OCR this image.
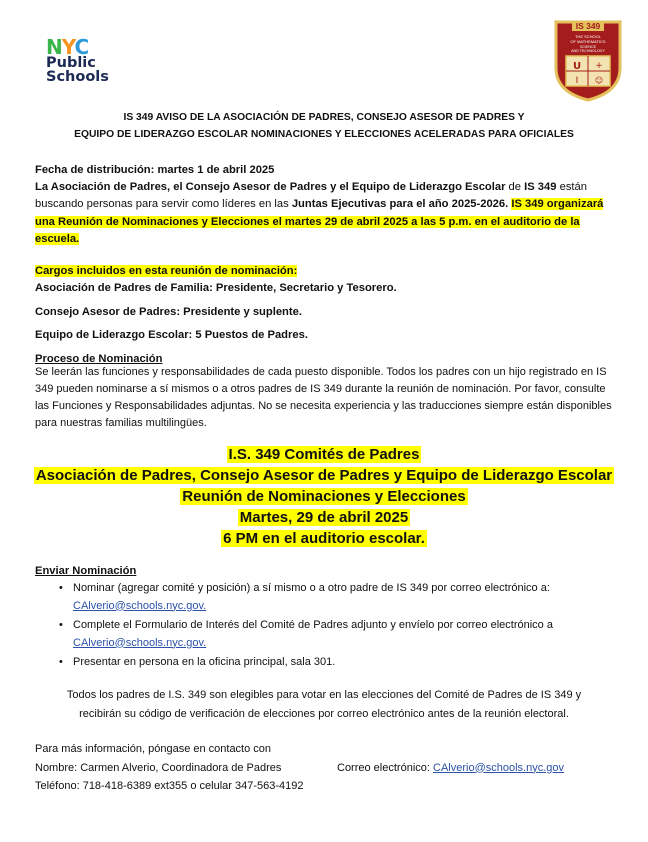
NYC
Public
Schools
IS 349
THE SCHOOL
OF MATHEMATICS
SCIENCE
AND TECHNOLOGY
U +
I ☺
IS 349 AVISO DE LA ASOCIACIÓN DE PADRES, CONSEJO ASESOR DE PADRES Y
EQUIPO DE LIDERAZGO ESCOLAR NOMINACIONES Y ELECCIONES ACELERADAS PARA OFICIALES
Fecha de distribución: martes 1 de abril 2025
La Asociación de Padres, el Consejo Asesor de Padres y el Equipo de Liderazgo Escolar de IS 349 están buscando personas para servir como líderes en las Juntas Ejecutivas para el año 2025-2026. IS 349 organizará una Reunión de Nominaciones y Elecciones el martes 29 de abril 2025 a las 5 p.m. en el auditorio de la escuela.
Cargos incluidos en esta reunión de nominación:
Asociación de Padres de Familia: Presidente, Secretario y Tesorero.
Consejo Asesor de Padres: Presidente y suplente.
Equipo de Liderazgo Escolar: 5 Puestos de Padres.
Proceso de Nominación
Se leerán las funciones y responsabilidades de cada puesto disponible. Todos los padres con un hijo registrado en IS 349 pueden nominarse a sí mismos o a otros padres de IS 349 durante la reunión de nominación. Por favor, consulte las Funciones y Responsabilidades adjuntas. No se necesita experiencia y las traducciones siempre están disponibles para nuestras familias multilingües.
I.S. 349 Comités de Padres
Asociación de Padres, Consejo Asesor de Padres y Equipo de Liderazgo Escolar
Reunión de Nominaciones y Elecciones
Martes, 29 de abril 2025
6 PM en el auditorio escolar.
Enviar Nominación
• Nominar (agregar comité y posición) a sí mismo o a otro padre de IS 349 por correo electrónico a:
CAlverio@schools.nyc.gov.
• Complete el Formulario de Interés del Comité de Padres adjunto y envíelo por correo electrónico a
CAlverio@schools.nyc.gov.
• Presentar en persona en la oficina principal, sala 301.
Todos los padres de I.S. 349 son elegibles para votar en las elecciones del Comité de Padres de IS 349 y
recibirán su código de verificación de elecciones por correo electrónico antes de la reunión electoral.
Para más información, póngase en contacto con
Nombre: Carmen Alverio, Coordinadora de Padres	Correo electrónico: CAlverio@schools.nyc.gov
Teléfono: 718-418-6389 ext355 o celular 347-563-4192
